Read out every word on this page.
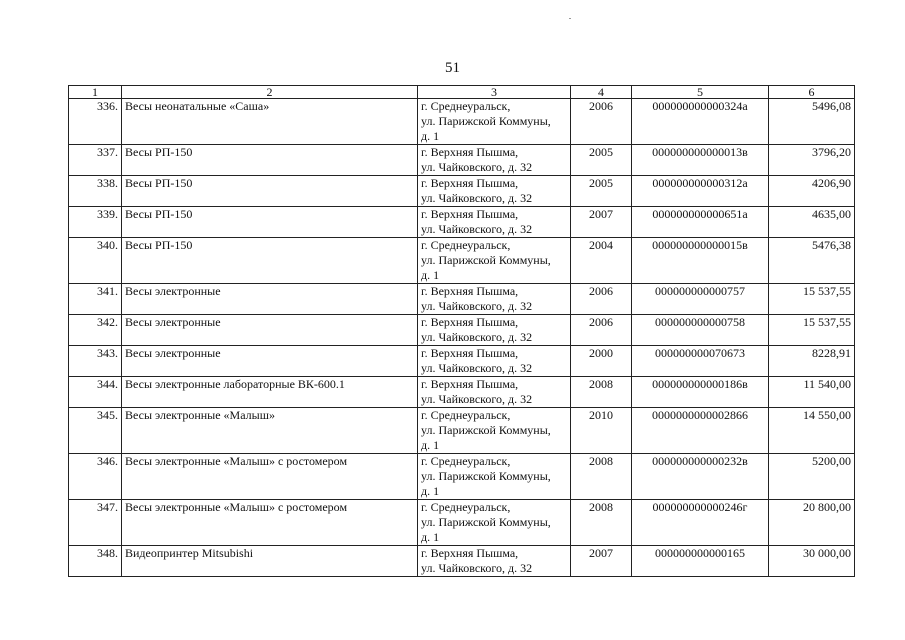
51
1	2	3	4	5	6
336.	Весы неонатальные «Саша»	г. Среднеуральск,
ул. Парижской Коммуны,
д. 1	2006	000000000000324а	5496,08
337.	Весы РП-150	г. Верхняя Пышма,
ул. Чайковского, д. 32	2005	000000000000013в	3796,20
338.	Весы РП-150	г. Верхняя Пышма,
ул. Чайковского, д. 32	2005	000000000000312а	4206,90
339.	Весы РП-150	г. Верхняя Пышма,
ул. Чайковского, д. 32	2007	000000000000651а	4635,00
340.	Весы РП-150	г. Среднеуральск,
ул. Парижской Коммуны,
д. 1	2004	000000000000015в	5476,38
341.	Весы электронные	г. Верхняя Пышма,
ул. Чайковского, д. 32	2006	000000000000757	15 537,55
342.	Весы электронные	г. Верхняя Пышма,
ул. Чайковского, д. 32	2006	000000000000758	15 537,55
343.	Весы электронные	г. Верхняя Пышма,
ул. Чайковского, д. 32	2000	000000000070673	8228,91
344.	Весы электронные лабораторные ВК-600.1	г. Верхняя Пышма,
ул. Чайковского, д. 32	2008	000000000000186в	11 540,00
345.	Весы электронные «Малыш»	г. Среднеуральск,
ул. Парижской Коммуны,
д. 1	2010	0000000000002866	14 550,00
346.	Весы электронные «Малыш» с ростомером	г. Среднеуральск,
ул. Парижской Коммуны,
д. 1	2008	000000000000232в	5200,00
347.	Весы электронные «Малыш» с ростомером	г. Среднеуральск,
ул. Парижской Коммуны,
д. 1	2008	000000000000246г	20 800,00
348.	Видеопринтер Mitsubishi	г. Верхняя Пышма,
ул. Чайковского, д. 32	2007	000000000000165	30 000,00
